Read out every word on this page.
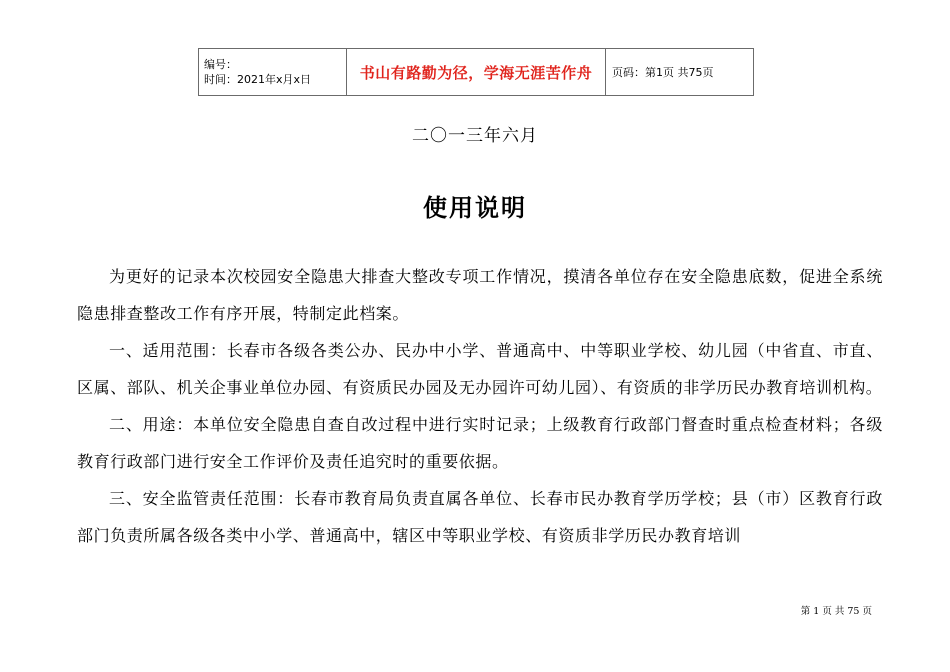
编号：
时间：2021年x月x日	书山有路勤为径，学海无涯苦作舟	页码：第1页 共75页
二〇一三年六月
使用说明

为更好的记录本次校园安全隐患大排查大整改专项工作情况，摸清各单位存在安全隐患底数，促进全系统隐患排查整改工作有序开展，特制定此档案。

一、适用范围：长春市各级各类公办、民办中小学、普通高中、中等职业学校、幼儿园（中省直、市直、区属、部队、机关企事业单位办园、有资质民办园及无办园许可幼儿园）、有资质的非学历民办教育培训机构。

二、用途：本单位安全隐患自查自改过程中进行实时记录；上级教育行政部门督查时重点检查材料；各级教育行政部门进行安全工作评价及责任追究时的重要依据。

三、安全监管责任范围：长春市教育局负责直属各单位、长春市民办教育学历学校；县（市）区教育行政部门负责所属各级各类中小学、普通高中，辖区中等职业学校、有资质非学历民办教育培训

第 1 页 共 75 页
